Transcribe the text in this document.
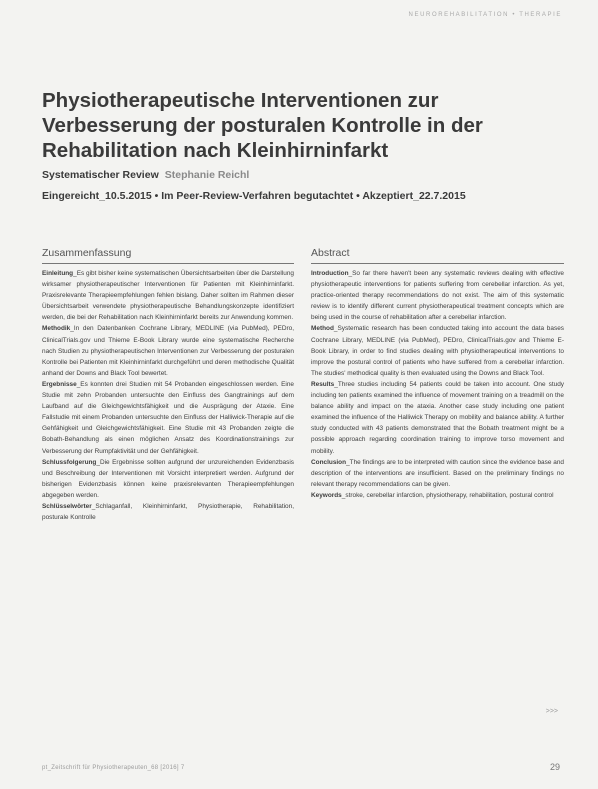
NEUROREHABILITATION • THERAPIE
Physiotherapeutische Interventionen zur Verbesserung der posturalen Kontrolle in der Rehabilitation nach Kleinhirninfarkt
Systematischer Review Stephanie Reichl
Eingereicht_10.5.2015 • Im Peer-Review-Verfahren begutachtet • Akzeptiert_22.7.2015
Zusammenfassung	Abstract

Einleitung_Es gibt bisher keine systematischen Übersichtsarbeiten über die Darstellung wirksamer physiotherapeutischer Interventionen für Patienten mit Kleinhirninfarkt. Praxisrelevante Therapieempfehlungen fehlen bislang. Daher sollten im Rahmen dieser Übersichtsarbeit verwendete physiotherapeutische Behandlungskonzepte identifiziert werden, die bei der Rehabilitation nach Kleinhirninfarkt bereits zur Anwendung kommen.

Methodik_In den Datenbanken Cochrane Library, MEDLINE (via PubMed), PEDro, ClinicalTrials.gov und Thieme E-Book Library wurde eine systematische Recherche nach Studien zu physiotherapeutischen Interventionen zur Verbesserung der posturalen Kontrolle bei Patienten mit Kleinhirninfarkt durchgeführt und deren methodische Qualität anhand der Downs and Black Tool bewertet.

Ergebnisse_Es konnten drei Studien mit 54 Probanden eingeschlossen werden. Eine Studie mit zehn Probanden untersuchte den Einfluss des Gangtrainings auf dem Laufband auf die Gleichgewichtsfähigkeit und die Ausprägung der Ataxie. Eine Fallstudie mit einem Probanden untersuchte den Einfluss der Halliwick-Therapie auf die Gehfähigkeit und Gleichgewichtsfähigkeit. Eine Studie mit 43 Probanden zeigte die Bobath-Behandlung als einen möglichen Ansatz des Koordinationstrainings zur Verbesserung der Rumpfaktivität und der Gehfähigkeit.

Schlussfolgerung_Die Ergebnisse sollten aufgrund der unzureichenden Evidenzbasis und Beschreibung der Interventionen mit Vorsicht interpretiert werden. Aufgrund der bisherigen Evidenzbasis können keine praxisrelevanten Therapieempfehlungen abgegeben werden.

Schlüsselwörter_Schlaganfall, Kleinhirninfarkt, Physiotherapie, Rehabilitation, posturale Kontrolle

Introduction_So far there haven't been any systematic reviews dealing with effective physiotherapeutic interventions for patients suffering from cerebellar infarction. As yet, practice-oriented therapy recommendations do not exist. The aim of this systematic review is to identify different current physiotherapeutical treatment concepts which are being used in the course of rehabilitation after a cerebellar infarction.

Method_Systematic research has been conducted taking into account the data bases Cochrane Library, MEDLINE (via PubMed), PEDro, ClinicalTrials.gov and Thieme E-Book Library, in order to find studies dealing with physiotherapeutical interventions to improve the postural control of patients who have suffered from a cerebellar infarction. The studies' methodical quality is then evaluated using the Downs and Black Tool.

Results_Three studies including 54 patients could be taken into account. One study including ten patients examined the influence of movement training on a treadmill on the balance ability and impact on the ataxia. Another case study including one patient examined the influence of the Halliwick Therapy on mobility and balance ability. A further study conducted with 43 patients demonstrated that the Bobath treatment might be a possible approach regarding coordination training to improve torso movement and mobility.

Conclusion_The findings are to be interpreted with caution since the evidence base and description of the interventions are insufficient. Based on the preliminary findings no relevant therapy recommendations can be given.

Keywords_stroke, cerebellar infarction, physiotherapy, rehabilitation, postural control

>>>
pt_Zeitschrift für Physiotherapeuten_68 [2016] 7	29
